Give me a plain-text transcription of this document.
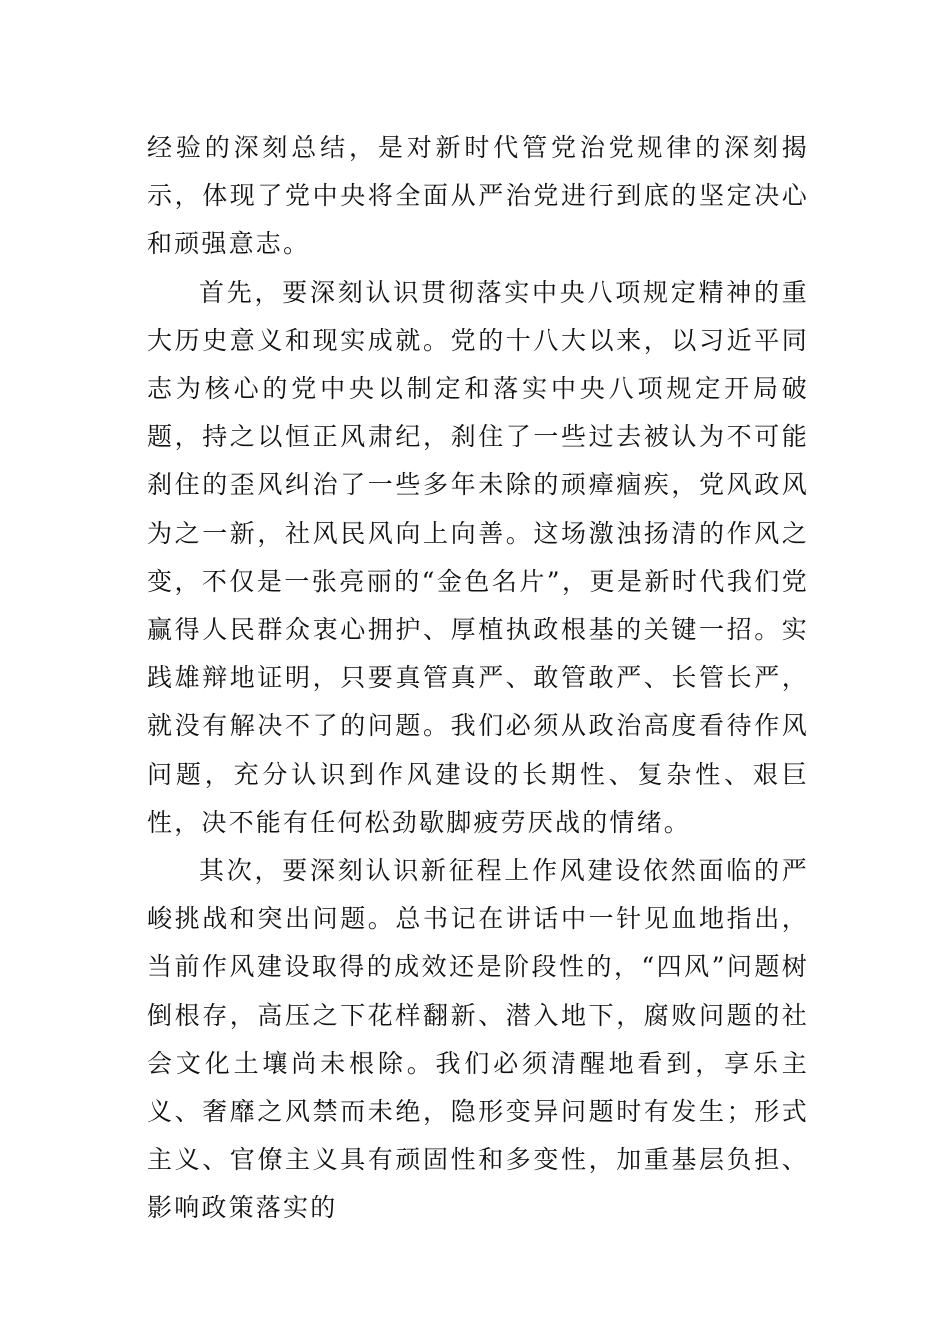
经验的深刻总结，是对新时代管党治党规律的深刻揭示，体现了党中央将全面从严治党进行到底的坚定决心和顽强意志。

首先，要深刻认识贯彻落实中央八项规定精神的重大历史意义和现实成就。党的十八大以来，以习近平同志为核心的党中央以制定和落实中央八项规定开局破题，持之以恒正风肃纪，刹住了一些过去被认为不可能刹住的歪风纠治了一些多年未除的顽瘴痼疾，党风政风为之一新，社风民风向上向善。这场激浊扬清的作风之变，不仅是一张亮丽的“金色名片”，更是新时代我们党赢得人民群众衷心拥护、厚植执政根基的关键一招。实践雄辩地证明，只要真管真严、敢管敢严、长管长严，就没有解决不了的问题。我们必须从政治高度看待作风问题，充分认识到作风建设的长期性、复杂性、艰巨性，决不能有任何松劲歇脚疲劳厌战的情绪。

其次，要深刻认识新征程上作风建设依然面临的严峻挑战和突出问题。总书记在讲话中一针见血地指出，当前作风建设取得的成效还是阶段性的，“四风”问题树倒根存，高压之下花样翻新、潜入地下，腐败问题的社会文化土壤尚未根除。我们必须清醒地看到，享乐主义、奢靡之风禁而未绝，隐形变异问题时有发生；形式主义、官僚主义具有顽固性和多变性，加重基层负担、影响政策落实的
